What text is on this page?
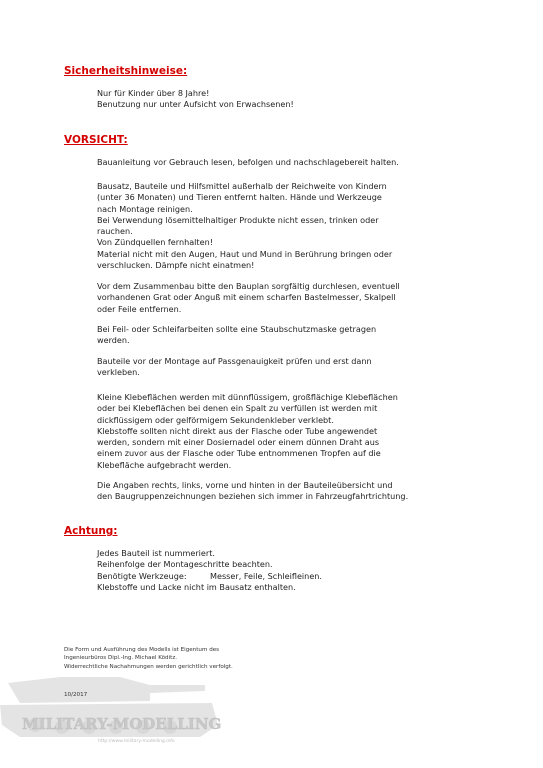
Sicherheitshinweise:
Nur für Kinder über 8 Jahre!
Benutzung nur unter Aufsicht von Erwachsenen!
VORSICHT:
Bauanleitung vor Gebrauch lesen, befolgen und nachschlagebereit halten.
Bausatz, Bauteile und Hilfsmittel außerhalb der Reichweite von Kindern
(unter 36 Monaten) und Tieren entfernt halten. Hände und Werkzeuge
nach Montage reinigen.
Bei Verwendung lösemittelhaltiger Produkte nicht essen, trinken oder
rauchen.
Von Zündquellen fernhalten!
Material nicht mit den Augen, Haut und Mund in Berührung bringen oder
verschlucken. Dämpfe nicht einatmen!
Vor dem Zusammenbau bitte den Bauplan sorgfältig durchlesen, eventuell
vorhandenen Grat oder Anguß mit einem scharfen Bastelmesser, Skalpell
oder Feile entfernen.
Bei Feil- oder Schleifarbeiten sollte eine Staubschutzmaske getragen
werden.
Bauteile vor der Montage auf Passgenauigkeit prüfen und erst dann
verkleben.
Kleine Klebeflächen werden mit dünnflüssigem, großflächige Klebeflächen
oder bei Klebeflächen bei denen ein Spalt zu verfüllen ist werden mit
dickflüssigem oder gelförmigem Sekundenkleber verklebt.
Klebstoffe sollten nicht direkt aus der Flasche oder Tube angewendet
werden, sondern mit einer Dosiernadel oder einem dünnen Draht aus
einem zuvor aus der Flasche oder Tube entnommenen Tropfen auf die
Klebefläche aufgebracht werden.
Die Angaben rechts, links, vorne und hinten in der Bauteileübersicht und
den Baugruppenzeichnungen beziehen sich immer in Fahrzeugfahrtrichtung.
Achtung:
Jedes Bauteil ist nummeriert.
Reihenfolge der Montageschritte beachten.
Benötigte Werkzeuge:	Messer, Feile, Schleifleinen.
Klebstoffe und Lacke nicht im Bausatz enthalten.
MILITARY-MODELLING
http://www.military-modelling.info
Die Form und Ausführung des Modells ist Eigentum des
Ingenieurbüros Dipl.-Ing. Michael Köditz.
Widerrechtliche Nachahmungen werden gerichtlich verfolgt.
10/2017
